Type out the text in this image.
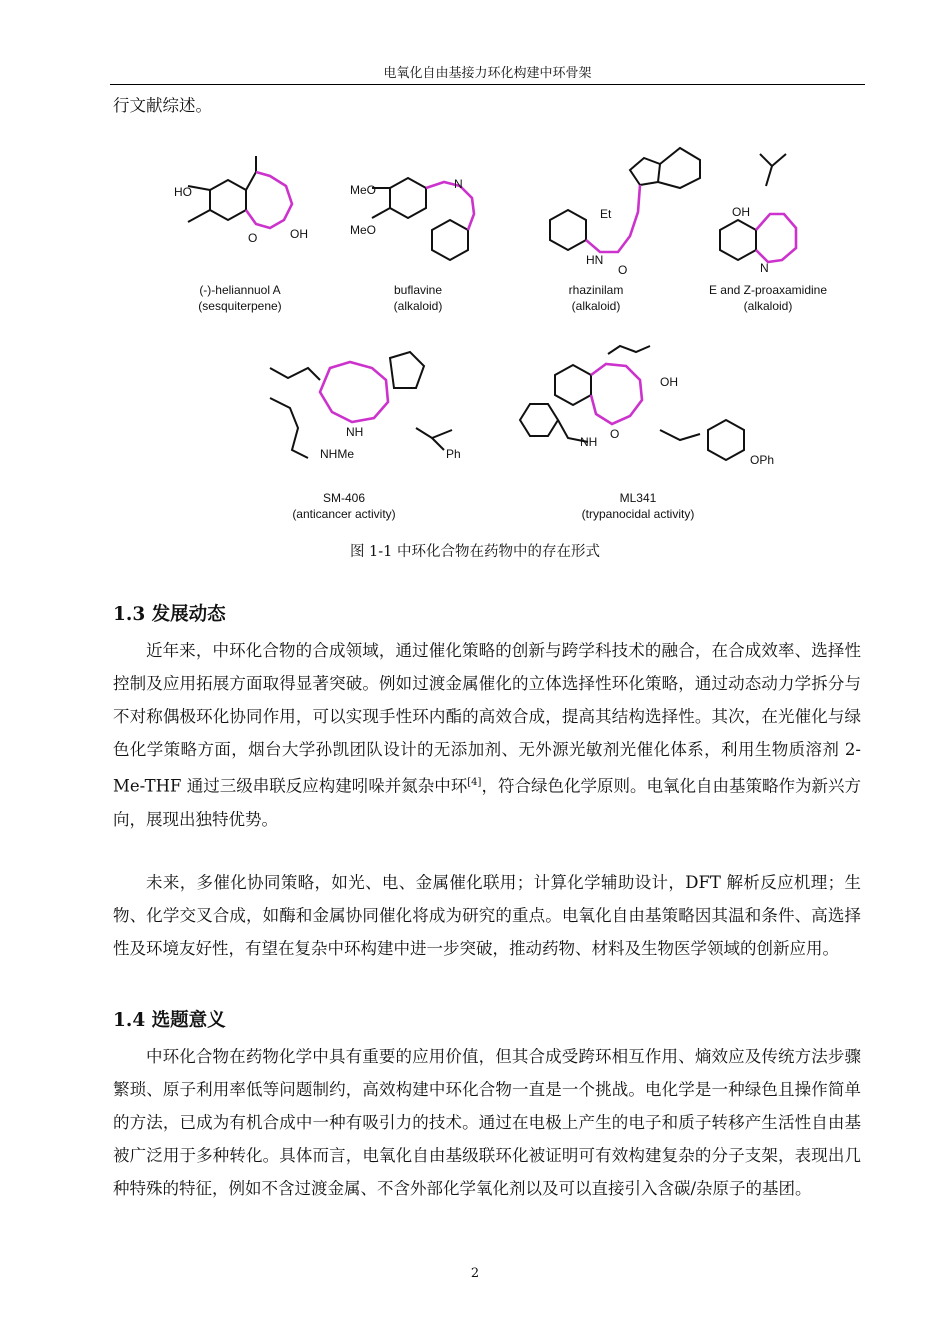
电氧化自由基接力环化构建中环骨架
行文献综述。
HO
OH
O
MeO
MeO
N
Et
HN
O
OH
N
NHMe	Ph
NH
NH
O
OPh
OH
(-)-heliannuol A
(sesquiterpene)
buflavine
(alkaloid)
rhazinilam
(alkaloid)
E and Z-proaxamidine
(alkaloid)
SM-406
(anticancer activity)
ML341
(trypanocidal activity)
图 1-1 中环化合物在药物中的存在形式
1.3 发展动态

近年来，中环化合物的合成领域，通过催化策略的创新与跨学科技术的融合，在合成效率、选择性控制及应用拓展方面取得显著突破。例如过渡金属催化的立体选择性环化策略，通过动态动力学拆分与不对称偶极环化协同作用，可以实现手性环内酯的高效合成，提高其结构选择性。其次，在光催化与绿色化学策略方面，烟台大学孙凯团队设计的无添加剂、无外源光敏剂光催化体系，利用生物质溶剂 2-Me-THF 通过三级串联反应构建吲哚并氮杂中环[4]，符合绿色化学原则。电氧化自由基策略作为新兴方向，展现出独特优势。

未来，多催化协同策略，如光、电、金属催化联用；计算化学辅助设计，DFT 解析反应机理；生物、化学交叉合成，如酶和金属协同催化将成为研究的重点。电氧化自由基策略因其温和条件、高选择性及环境友好性，有望在复杂中环构建中进一步突破，推动药物、材料及生物医学领域的创新应用。

1.4 选题意义

中环化合物在药物化学中具有重要的应用价值，但其合成受跨环相互作用、熵效应及传统方法步骤繁琐、原子利用率低等问题制约，高效构建中环化合物一直是一个挑战。电化学是一种绿色且操作简单的方法，已成为有机合成中一种有吸引力的技术。通过在电极上产生的电子和质子转移产生活性自由基被广泛用于多种转化。具体而言，电氧化自由基级联环化被证明可有效构建复杂的分子支架，表现出几种特殊的特征，例如不含过渡金属、不含外部化学氧化剂以及可以直接引入含碳/杂原子的基团。

2
